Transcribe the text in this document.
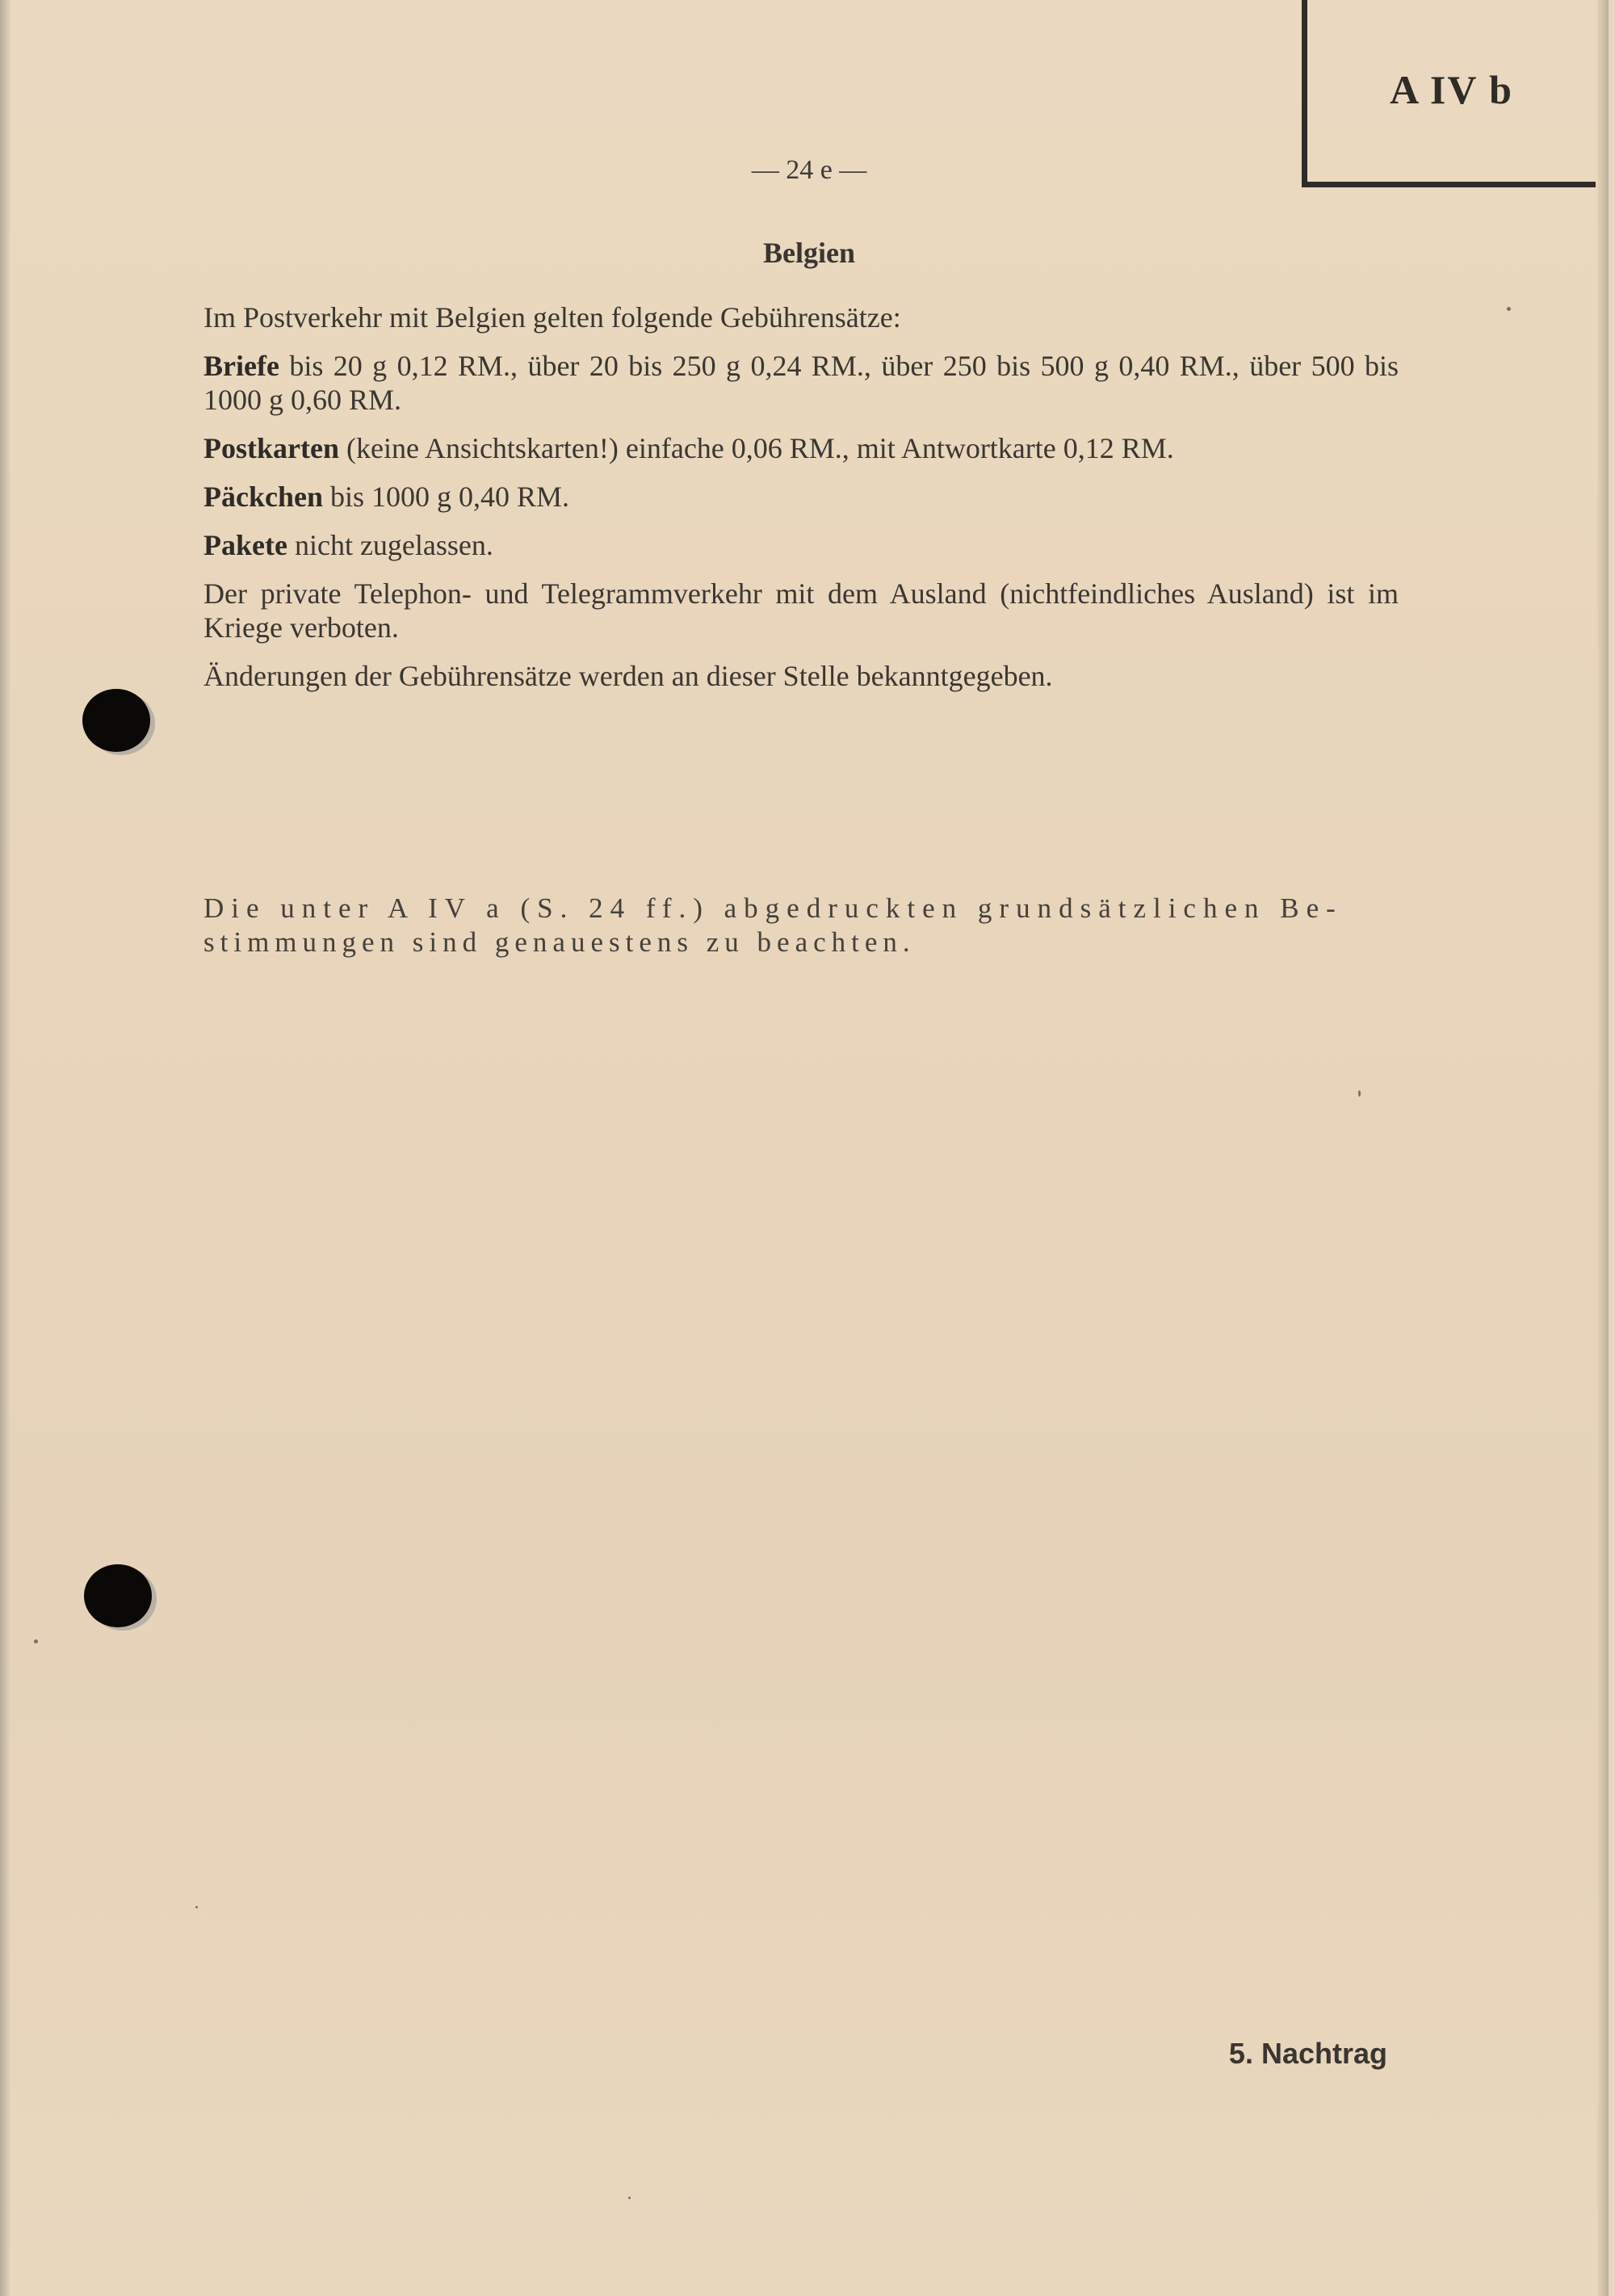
A IV b
— 24 e —
Belgien

Im Postverkehr mit Belgien gelten folgende Gebührensätze:

Briefe bis 20 g 0,12 RM., über 20 bis 250 g 0,24 RM., über 250 bis 500 g 0,40 RM., über 500 bis 1000 g 0,60 RM.

Postkarten (keine Ansichtskarten!) einfache 0,06 RM., mit Antwortkarte 0,12 RM.

Päckchen bis 1000 g 0,40 RM.

Pakete nicht zugelassen.

Der private Telephon- und Telegrammverkehr mit dem Ausland (nichtfeindliches Ausland) ist im Kriege verboten.

Änderungen der Gebührensätze werden an dieser Stelle bekanntgegeben.

Die unter A IV a (S. 24 ff.) abgedruckten grundsätzlichen Be-
stimmungen sind genauestens zu beachten.
5. Nachtrag
